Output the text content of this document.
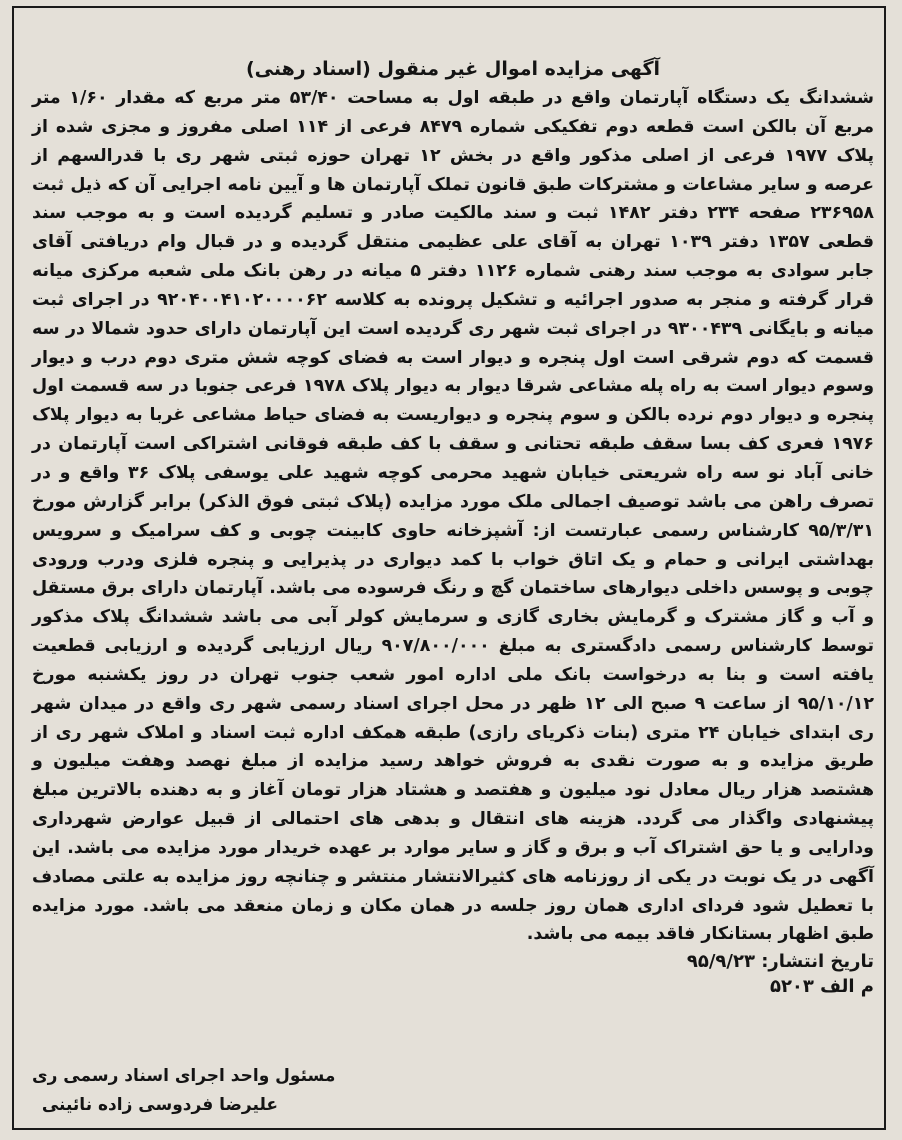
آگهی مزایده اموال غیر منقول (اسناد رهنی)

ششدانگ یک دستگاه آپارتمان واقع در طبقه اول به مساحت ۵۳/۴۰ متر مربع که مقدار ۱/۶۰ متر مربع آن بالکن است قطعه دوم تفکیکی شماره ۸۴۷۹ فرعی از ۱۱۴ اصلی مفروز و مجزی شده از پلاک ۱۹۷۷ فرعی از اصلی مذکور واقع در بخش ۱۲ تهران حوزه ثبتی شهر ری با قدرالسهم از عرصه و سایر مشاعات و مشترکات طبق قانون تملک آپارتمان ها و آیین نامه اجرایی آن که ذیل ثبت ۲۳۶۹۵۸ صفحه ۲۳۴ دفتر ۱۴۸۲ ثبت و سند مالکیت صادر و تسلیم گردیده است و به موجب سند قطعی ۱۳۵۷ دفتر ۱۰۳۹ تهران به آقای علی عظیمی منتقل گردیده و در قبال وام دریافتی آقای جابر سوادی به موجب سند رهنی شماره ۱۱۲۶ دفتر ۵ میانه در رهن بانک ملی شعبه مرکزی میانه قرار گرفته و منجر به صدور اجرائیه و تشکیل پرونده به کلاسه ۹۲۰۴۰۰۴۱۰۲۰۰۰۰۶۲ در اجرای ثبت میانه و بایگانی ۹۳۰۰۴۳۹ در اجرای ثبت شهر ری گردیده است این آپارتمان دارای حدود شمالا در سه قسمت که دوم شرقی است اول پنجره و دیوار است به فضای کوچه شش متری دوم درب و دیوار وسوم دیوار است به راه پله مشاعی شرقا دیوار به دیوار پلاک ۱۹۷۸ فرعی جنوبا در سه قسمت اول پنجره و دیوار دوم نرده بالکن و سوم پنجره و دیواریست به فضای حیاط مشاعی غربا به دیوار پلاک ۱۹۷۶ فعری کف بسا سقف طبقه تحتانی و سقف با کف طبقه فوقانی اشتراکی است آپارتمان در خانی آباد نو سه راه شریعتی خیابان شهید محرمی کوچه شهید علی یوسفی پلاک ۳۶ واقع و در تصرف راهن می باشد توصیف اجمالی ملک مورد مزایده (پلاک ثبتی فوق الذکر) برابر گزارش مورخ ۹۵/۳/۳۱ کارشناس رسمی عبارتست از: آشپزخانه حاوی کابینت چوبی و کف سرامیک و سرویس بهداشتی ایرانی و حمام و یک اتاق خواب با کمد دیواری در پذیرایی و پنجره فلزی ودرب ورودی چوبی و پوسس داخلی دیوارهای ساختمان گچ و رنگ فرسوده می باشد. آپارتمان دارای برق مستقل و آب و گاز مشترک و گرمایش بخاری گازی و سرمایش کولر آبی می باشد ششدانگ پلاک مذکور توسط کارشناس رسمی دادگستری به مبلغ ۹۰۷/۸۰۰/۰۰۰ ریال ارزیابی گردیده و ارزیابی قطعیت یافته است و بنا به درخواست بانک ملی اداره امور شعب جنوب تهران در روز یکشنبه مورخ ۹۵/۱۰/۱۲ از ساعت ۹ صبح الی ۱۲ ظهر در محل اجرای اسناد رسمی شهر ری واقع در میدان شهر ری ابتدای خیابان ۲۴ متری (بنات ذکریای رازی) طبقه همکف اداره ثبت اسناد و املاک شهر ری از طریق مزایده و به صورت نقدی به فروش خواهد رسید مزایده از مبلغ نهصد وهفت میلیون و هشتصد هزار ریال معادل نود میلیون و هفتصد و هشتاد هزار تومان آغاز و به دهنده بالاترین مبلغ پیشنهادی واگذار می گردد. هزینه های انتقال و بدهی های احتمالی از قبیل عوارض شهرداری ودارایی و یا حق اشتراک آب و برق و گاز و سایر موارد بر عهده خریدار مورد مزایده می باشد. این آگهی در یک نوبت در یکی از روزنامه های کثیرالانتشار منتشر و چنانچه روز مزایده به علتی مصادف با تعطیل شود فردای اداری همان روز جلسه در همان مکان و زمان منعقد می باشد. مورد مزایده طبق اظهار بستانکار فاقد بیمه می باشد.

تاریخ انتشار: ۹۵/۹/۲۳

م الف ۵۲۰۳

مسئول واحد اجرای اسناد رسمی ری
علیرضا فردوسی زاده نائینی
